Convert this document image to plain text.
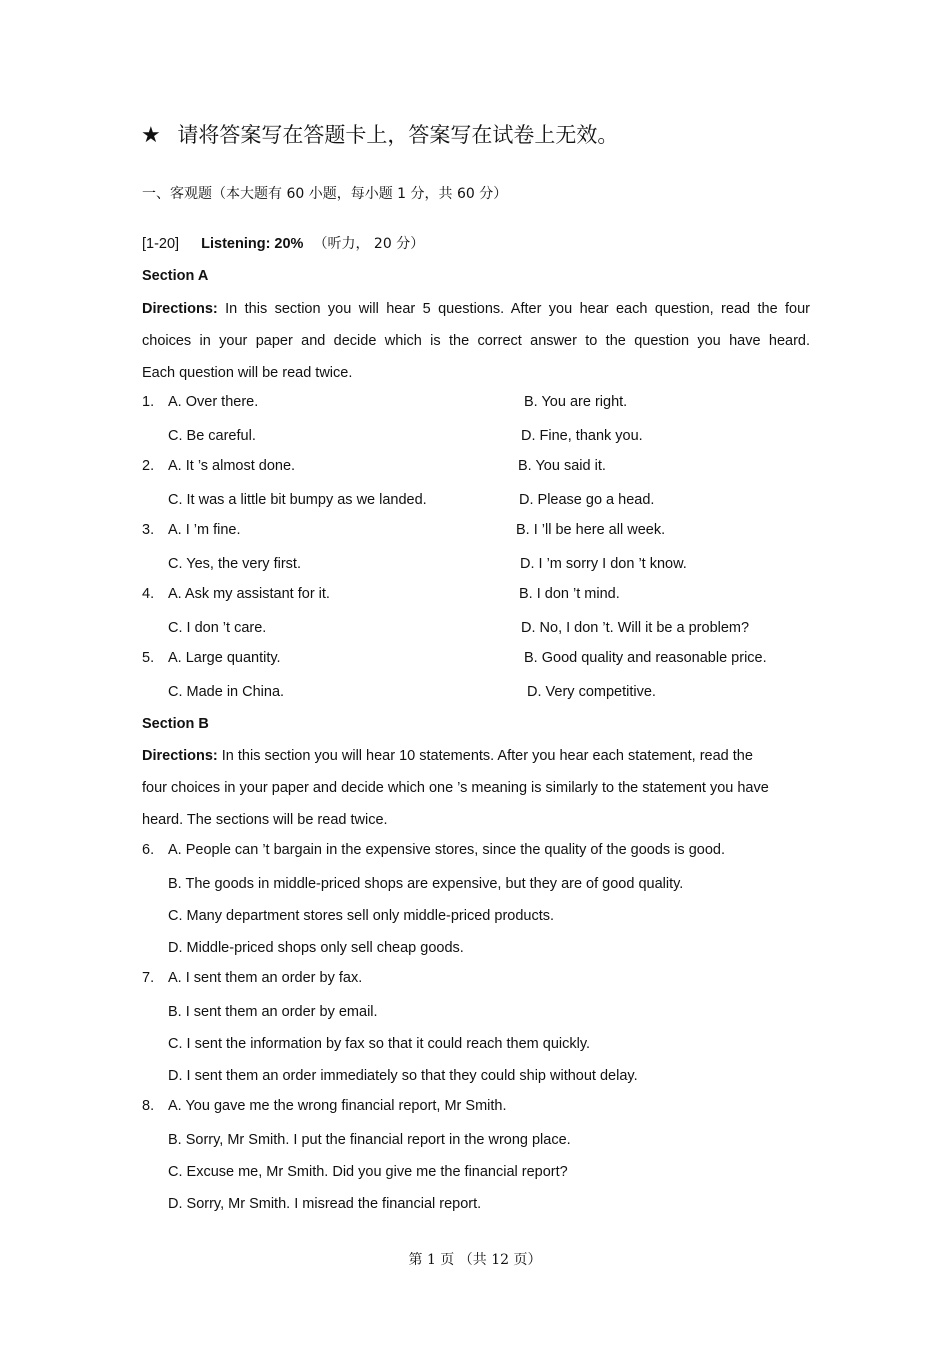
★ 请将答案写在答题卡上，答案写在试卷上无效。
一、客观题（本大题有 60 小题，每小题 1 分，共 60 分）
[1-20] Listening: 20% （听力， 20 分）
Section A
Directions: In this section you will hear 5 questions. After you hear each question, read the four
choices in your paper and decide which is the correct answer to the question you have heard.
Each question will be read twice.
1. A. Over there.	B. You are right.
C. Be careful.	D. Fine, thank you.
2. A. It ’s almost done.	B. You said it.
C. It was a little bit bumpy as we landed.	D. Please go a head.
3. A. I ’m fine.	B. I ’ll be here all week.
C. Yes, the very first.	D. I ’m sorry I don ’t know.
4. A. Ask my assistant for it.	B. I don ’t mind.
C. I don ’t care.	D. No, I don ’t. Will it be a problem?
5. A. Large quantity.	B. Good quality and reasonable price.
C. Made in China.	D. Very competitive.
Section B
Directions: In this section you will hear 10 statements. After you hear each statement, read the
four choices in your paper and decide which one ’s meaning is similarly to the statement you have
heard. The sections will be read twice.
6. A. People can ’t bargain in the expensive stores, since the quality of the goods is good.
B. The goods in middle-priced shops are expensive, but they are of good quality.
C. Many department stores sell only middle-priced products.
D. Middle-priced shops only sell cheap goods.
7. A. I sent them an order by fax.
B. I sent them an order by email.
C. I sent the information by fax so that it could reach them quickly.
D. I sent them an order immediately so that they could ship without delay.
8. A. You gave me the wrong financial report, Mr Smith.
B. Sorry, Mr Smith. I put the financial report in the wrong place.
C. Excuse me, Mr Smith. Did you give me the financial report?
D. Sorry, Mr Smith. I misread the financial report.
第 1 页 （共 12 页）
